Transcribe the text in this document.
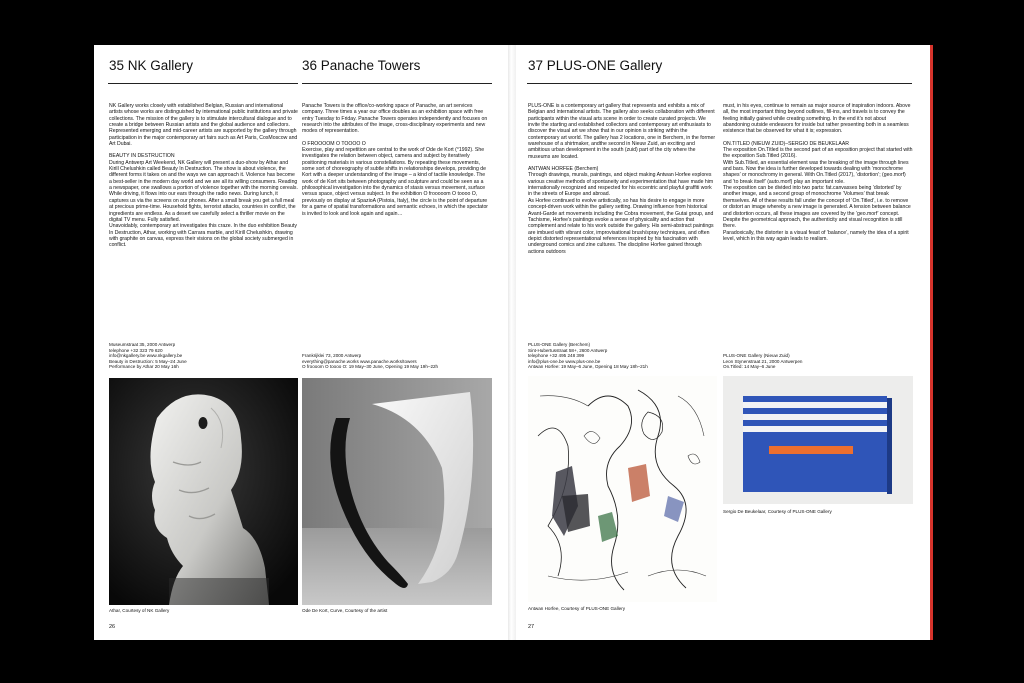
35 NK Gallery	36 Panache Towers	37 PLUS-ONE Gallery

NK Gallery works closely with established Belgian, Russian and international artists whose works are distinguished by international public institutions and private collections. The mission of the gallery is to stimulate intercultural dialogue and to create a bridge between Russian artists and the global audience and collectors. Represented emerging and mid-career artists are supported by the gallery through participation in the major contemporary art fairs such as Art Paris, CosMoscow and Art Dubai.

BEAUTY IN DESTRUCTION

During Antwerp Art Weekend, NK Gallery will present a duo-show by Athar and Kirill Chelushkin called Beauty In Destruction. The show is about violence, the different forms it takes on and the ways we can approach it. Violence has become a best-seller in the modern day world and we are all its willing consumers. Reading a newspaper, one swallows a portion of violence together with the morning cereals. While driving, it flows into our ears through the radio news. During lunch, it captures us via the screens on our phones. After a small break you get a full meal at precious prime-time. Household fights, terrorist attacks, countries in conflict, the ingredients are endless. As a desert we carefully select a thriller movie on the digital TV menu. Fully satisfied.

Unavoidably, contemporary art investigates this craze. In the duo exhibition Beauty In Destruction, Athar, working with Carrara marble, and Kirill Chelushkin, drawing with graphite on canvas, express their visions on the global society submerged in conflict.

Panache Towers is the office/co-working space of Panache, an art services company. Three times a year our office doubles as an exhibition space with free entry Tuesday to Friday. Panache Towers operates independently and focuses on research into the attributes of the image, cross-disciplinary experiments and new modes of representation.

O FROOOOM O TOOOO O

Exercise, play and repetition are central to the work of Ode de Kort (°1992). She investigates the relation between object, camera and subject by iteratively positioning materials in various constellations. By repeating these movements, some sort of choreography of subtle shifts in relationships develops, providing de Kort with a deeper understanding of the image – a kind of tactile knowledge. The work of de Kort sits between photography and sculpture and could be seen as a philosophical investigation into the dynamics of stasis versus movement, surface versus space, object versus subject. In the exhibition O frooooom O toooo O, previously on display at SpazioA (Pistoia, Italy), the circle is the point of departure for a game of spatial transformations and semantic echoes, in which the spectator is invited to look and look again and again…

PLUS-ONE is a contemporary art gallery that represents and exhibits a mix of Belgian and international artists. The gallery also seeks collaboration with different participants within the visual arts scene in order to create curated projects. We invite the starting and established collectors and contemporary art enthusiasts to discover the visual art we show that in our opinion is striking within the contemporary art world. The gallery has 2 locations, one in Berchem, in the former warehouse of a shirtmaker, andthe second in Nieuw Zuid, an exciting and ambitious urban development in the south (zuid) part of the city where the museums are located.

ANTWAN HORFEE (Berchem)

Through drawings, murals, paintings, and object making Antwan Horfee explores various creative methods of spontaneity and experimentation that have made him internationally recognized and respected for his eccentric and playful graffiti work in the streets of Europe and abroad.

As Horfee continued to evolve artistically, so has his desire to engage in more concept-driven work within the gallery setting. Drawing influence from historical Avant-Garde art movements including the Cobra movement, the Gutai group, and Tachisme, Horfee’s paintings evoke a sense of physicality and action that complement and relate to his work outside the gallery. His semi-abstract paintings are imbued with vibrant color, improvisational brush/spray techniques, and often depict distorted representational references inspired by his fascination with underground comics and zine cultures. The discipline Horfee gained through actions outdoors

must, in his eyes, continue to remain as major source of inspiration indoors. Above all, the most important thing beyond outlines, fill-ins, and travels is to convey the feeling initially gained while creating something. In the end it’s not about abandoning outside endeavors for inside but rather presenting both in a seamless existence that be observed for what it is; expression.

ON.TITLED (NIEUW ZUID)–SERGIO DE BEUKELAAR

The exposition On.Titled is the second part of an exposition project that started with the exposition Sub.Titled (2016).

With Sub.Titled, an essential element was the breaking of the image through lines and bars. Now the idea is further developed towards dealing with ‘monochrome shapes’ or monochromy in general. With On.Titled (2017), ‘distortion’; (geo.morf) and ‘to break itself’ (auto.morf) play an important role.

The exposition can be divided into two parts: fat.canvasses being ‘distorted’ by another image, and a second group of monochrome ‘Volumes’ that break themselves. All of these results fall under the concept of ‘On.Titled’, i.e. to remove or distort an image whereby a new image is generated. A tension between balance and distortion occurs, all these images are covered by the ‘geo.morf’ concept. Despite the geometrical approach, the authenticity and visual recognition is still there.

Paradoxically, the distorter is a visual feast of ‘balance’, namely the idea of a spirit level, which in this way again leads to realism.

Museumstraat 35, 2000 Antwerp
telephone +32 323 79 620
info@nkgallery.be www.nkgallery.be
Beauty in Destruction: 5 May–24 June
Performance by Athar 20 May 16h
Frankrijklei 73, 2000 Antwerp
everything@panache.works www.panache.works/towers
O froooom O toooo O: 19 May–30 June, Opening 19 May 19h–22h
PLUS-ONE Gallery (Berchem)
Sint-Hubertusstraat 58+, 2600 Antwerp
telephone +32 495 248 399
info@plus-one.be www.plus-one.be
Antwan Horfee: 19 May–6 June, Opening 18 May 18h–21h
PLUS-ONE Gallery (Nieuw Zuid)
Leon Stynenstraat 21, 2000 Antwerpen
On.Titled: 14 May–6 June
Athar, Courtesy of NK Gallery	Ode De Kort, Curve, Courtesy of the artist	Antwan Horfee, Courtesy of PLUS-ONE Gallery
Sergio De Beukelaar, Courtesy of PLUS-ONE Gallery
26	27
